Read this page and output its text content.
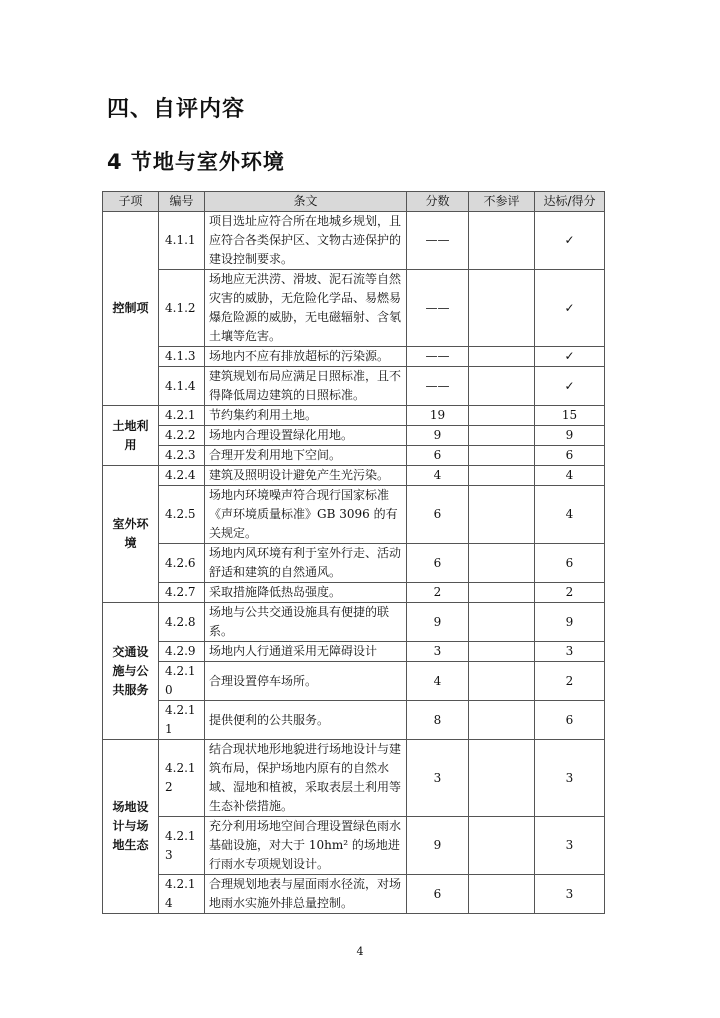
四、自评内容
4 节地与室外环境
子项	编号	条文	分数	不参评	达标/得分
控制项	4.1.1	项目选址应符合所在地城乡规划，且应符合各类保护区、文物古迹保护的建设控制要求。	——		✓
	4.1.2	场地应无洪涝、滑坡、泥石流等自然灾害的威胁，无危险化学品、易燃易爆危险源的威胁，无电磁辐射、含氡土壤等危害。	——		✓
	4.1.3	场地内不应有排放超标的污染源。	——		✓
	4.1.4	建筑规划布局应满足日照标准，且不得降低周边建筑的日照标准。	——		✓
土地利用	4.2.1	节约集约利用土地。	19		15
	4.2.2	场地内合理设置绿化用地。	9		9
	4.2.3	合理开发利用地下空间。	6		6
室外环境	4.2.4	建筑及照明设计避免产生光污染。	4		4
	4.2.5	场地内环境噪声符合现行国家标准《声环境质量标准》GB 3096 的有关规定。	6		4
	4.2.6	场地内风环境有利于室外行走、活动舒适和建筑的自然通风。	6		6
	4.2.7	采取措施降低热岛强度。	2		2
交通设施与公共服务	4.2.8	场地与公共交通设施具有便捷的联系。	9		9
	4.2.9	场地内人行通道采用无障碍设计	3		3
	4.2.10	合理设置停车场所。	4		2
	4.2.11	提供便利的公共服务。	8		6
场地设计与场地生态	4.2.12	结合现状地形地貌进行场地设计与建筑布局，保护场地内原有的自然水域、湿地和植被，采取表层土利用等生态补偿措施。	3		3
	4.2.13	充分利用场地空间合理设置绿色雨水基础设施，对大于 10hm² 的场地进行雨水专项规划设计。	9		3
	4.2.14	合理规划地表与屋面雨水径流，对场地雨水实施外排总量控制。	6		3
4
